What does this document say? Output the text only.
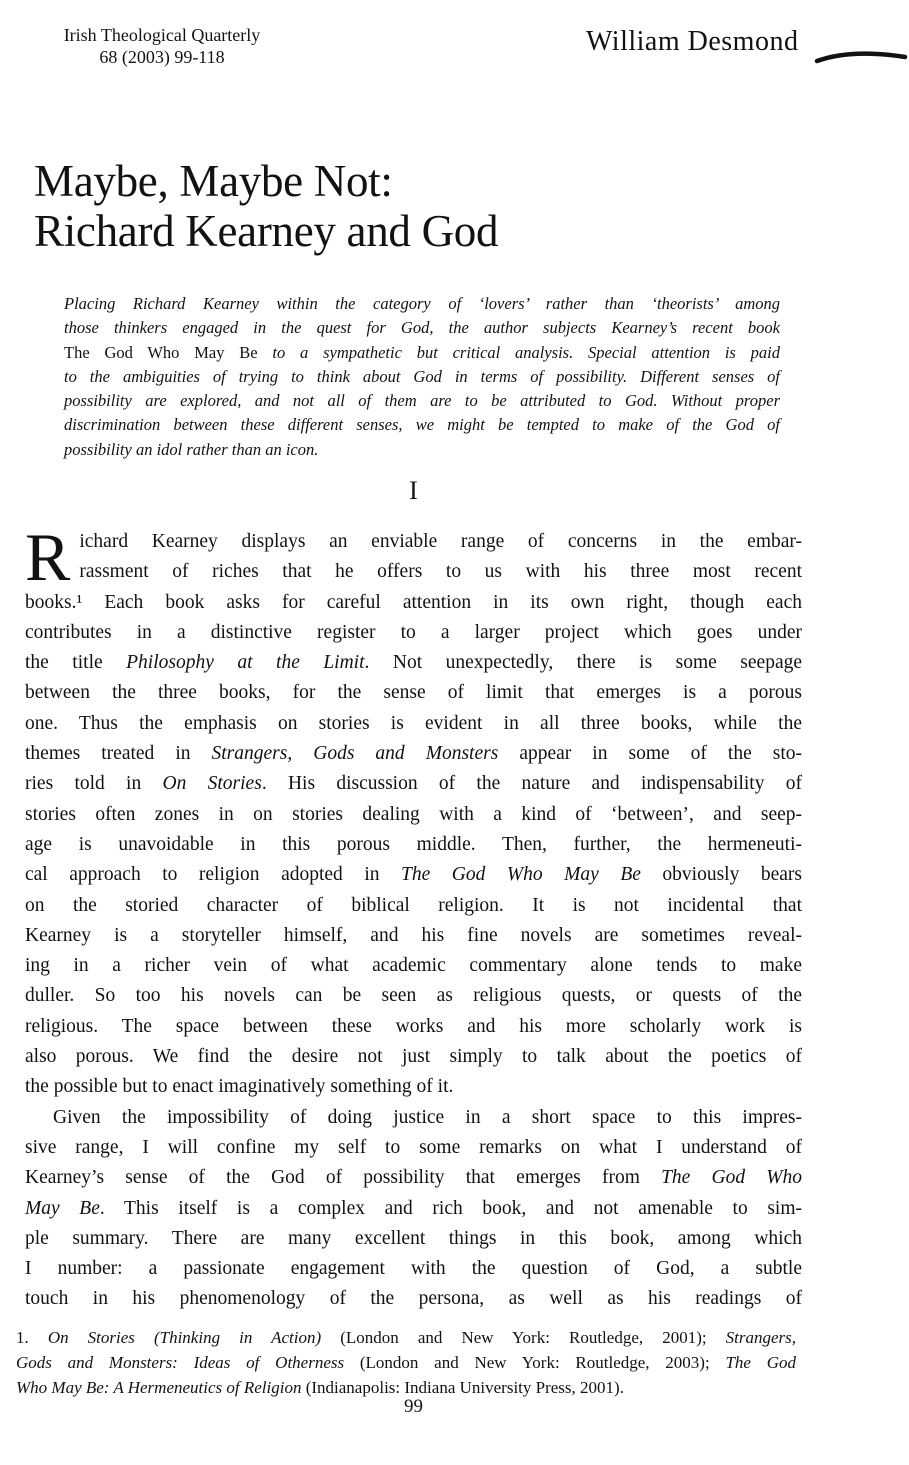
Irish Theological Quarterly
68 (2003) 99-118	William Desmond
Maybe, Maybe Not:
Richard Kearney and God
Placing Richard Kearney within the category of ‘lovers’ rather than ‘theorists’ among
those thinkers engaged in the quest for God, the author subjects Kearney’s recent book
The God Who May Be to a sympathetic but critical analysis. Special attention is paid
to the ambiguities of trying to think about God in terms of possibility. Different senses of
possibility are explored, and not all of them are to be attributed to God. Without proper
discrimination between these different senses, we might be tempted to make of the God of
possibility an idol rather than an icon.
I
R ichard Kearney displays an enviable range of concerns in the embar-
rassment of riches that he offers to us with his three most recent
books.¹ Each book asks for careful attention in its own right, though each
contributes in a distinctive register to a larger project which goes under
the title Philosophy at the Limit. Not unexpectedly, there is some seepage
between the three books, for the sense of limit that emerges is a porous
one. Thus the emphasis on stories is evident in all three books, while the
themes treated in Strangers, Gods and Monsters appear in some of the sto-
ries told in On Stories. His discussion of the nature and indispensability of
stories often zones in on stories dealing with a kind of ‘between’, and seep-
age is unavoidable in this porous middle. Then, further, the hermeneuti-
cal approach to religion adopted in The God Who May Be obviously bears
on the storied character of biblical religion. It is not incidental that
Kearney is a storyteller himself, and his fine novels are sometimes reveal-
ing in a richer vein of what academic commentary alone tends to make
duller. So too his novels can be seen as religious quests, or quests of the
religious. The space between these works and his more scholarly work is
also porous. We find the desire not just simply to talk about the poetics of
the possible but to enact imaginatively something of it.
Given the impossibility of doing justice in a short space to this impres-
sive range, I will confine my self to some remarks on what I understand of
Kearney’s sense of the God of possibility that emerges from The God Who
May Be. This itself is a complex and rich book, and not amenable to sim-
ple summary. There are many excellent things in this book, among which
I number: a passionate engagement with the question of God, a subtle
touch in his phenomenology of the persona, as well as his readings of
1. On Stories (Thinking in Action) (London and New York: Routledge, 2001); Strangers,
Gods and Monsters: Ideas of Otherness (London and New York: Routledge, 2003); The God
Who May Be: A Hermeneutics of Religion (Indianapolis: Indiana University Press, 2001).
99
